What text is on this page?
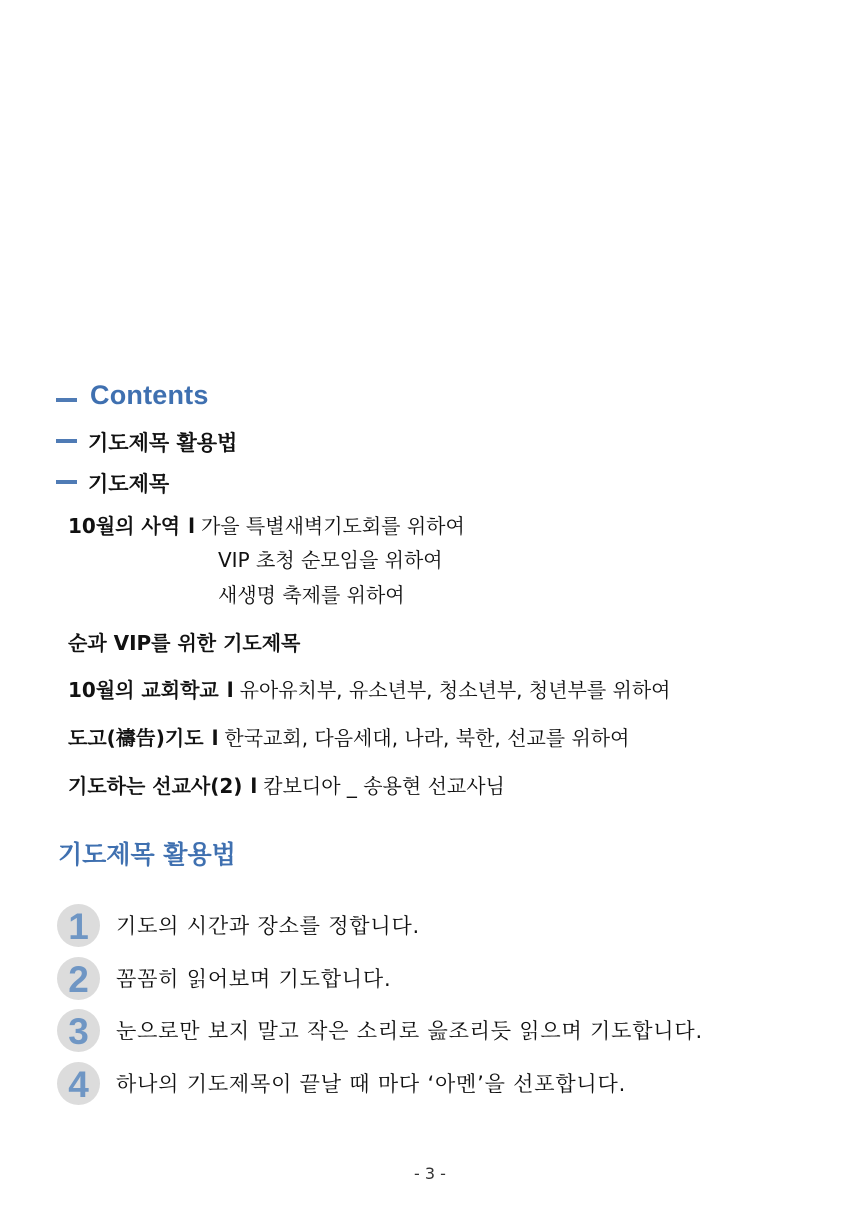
Contents
기도제목 활용법
기도제목
10월의 사역 l 가을 특별새벽기도회를 위하여
VIP 초청 순모임을 위하여
새생명 축제를 위하여
순과 VIP를 위한 기도제목
10월의 교회학교 l 유아유치부, 유소년부, 청소년부, 청년부를 위하여
도고(禱告)기도 l 한국교회, 다음세대, 나라, 북한, 선교를 위하여
기도하는 선교사(2) l 캄보디아 _ 송용현 선교사님
기도제목 활용법
1	기도의 시간과 장소를 정합니다.
2	꼼꼼히 읽어보며 기도합니다.
3	눈으로만 보지 말고 작은 소리로 읊조리듯 읽으며 기도합니다.
4	하나의 기도제목이 끝날 때 마다 ‘아멘’을 선포합니다.
- 3 -
